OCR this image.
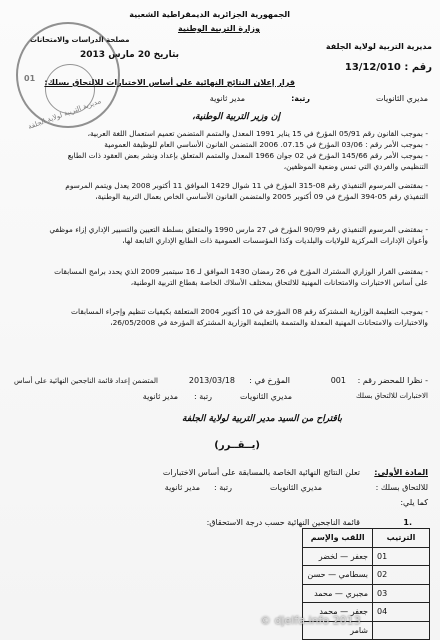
الجمهورية الجزائرية الديمقراطية الشعبية
وزارة التربية الوطنية
مديرية التربية لولاية الجلفة
رقم : 13/12/010
مصلحة الدراسات والامتحانات
بتاريخ 20 مارس 2013
مديرية التربية لولاية الجلفة
01 قرار إعلان النتائج النهائية على أساس الاختبارات للالتحاق بسلك:
مديري الثانويات
رتبة:
مدير ثانوية
إن وزير التربية الوطنية،
- بموجب القانون رقم 05/91 المؤرخ في 15 يناير 1991 المعدل والمتمم المتضمن تعميم استعمال اللغة العربية،
- بموجب الأمر رقم : 03/06 المؤرخ في 07.15. 2006 المتضمن القانون الأساسي العام للوظيفة العمومية
- بموجب الأمر رقم 145/66 المؤرخ في 02 جوان 1966 المعدل والمتمم المتعلق بإعداد ونشر بعض العقود ذات الطابع
التنظيمي والفردي التي تمس وضعية الموظفين،
- بمقتضى المرسوم التنفيذي رقم 08-315 المؤرخ في 11 شوال 1429 الموافق 11 أكتوبر 2008 يعدل ويتمم المرسوم
التنفيذي رقم 05-394 المؤرخ في 09 أكتوبر 2005 والمتضمن القانون الأساسي الخاص بعمال التربية الوطنية،
- بمقتضى المرسوم التنفيذي رقم 90/99 المؤرخ في 27 مارس 1990 والمتعلق بسلطة التعيين والتسيير الإداري إزاء موظفي
وأعوان الإدارات المركزية للولايات والبلديات وكذا المؤسسات العمومية ذات الطابع الإداري التابعة لها،
- بمقتضى القرار الوزاري المشترك المؤرخ في 26 رمضان 1430 الموافق لـ 16 سبتمبر 2009 الذي يحدد برامج المسابقات
على أساس الاختبارات والامتحانات المهنية للالتحاق بمختلف الأسلاك الخاصة بقطاع التربية الوطنية،
- بموجب التعليمة الوزارية المشتركة رقم 08 المؤرخة في 10 أكتوبر 2004 المتعلقة بكيفيات تنظيم وإجراء المسابقات
والاختبارات والامتحانات المهنية المعدلة والمتممة بالتعليمة الوزارية المشتركة المؤرخة في 26/05/2008،
- نظرا للمحضر رقم :
001
المؤرخ في :
2013/03/18
المتضمن إعداد قائمة الناجحين النهائية على أساس
الاختبارات للالتحاق بسلك
مديري الثانويات
رتبة :
مدير ثانوية
باقتراح من السيد مدير التربية لولاية الجلفة
(يــقــرر)
المادة الأولى:
تعلن النتائج النهائية الخاصة بالمسابقة على أساس الاختبارات
للالتحاق بسلك :
مديري الثانويات
رتبة :
مدير ثانوية
كما يلي:
1.
قائمة الناجحين النهائية حسب درجة الاستحقاق:
الترتيب	اللقب والإسم
01	جعفر — لخضر
02	بسطامي — حسن
03	مجبري — محمد
04	جعفر — محمد
	شامر
© djelfa.info 2013
